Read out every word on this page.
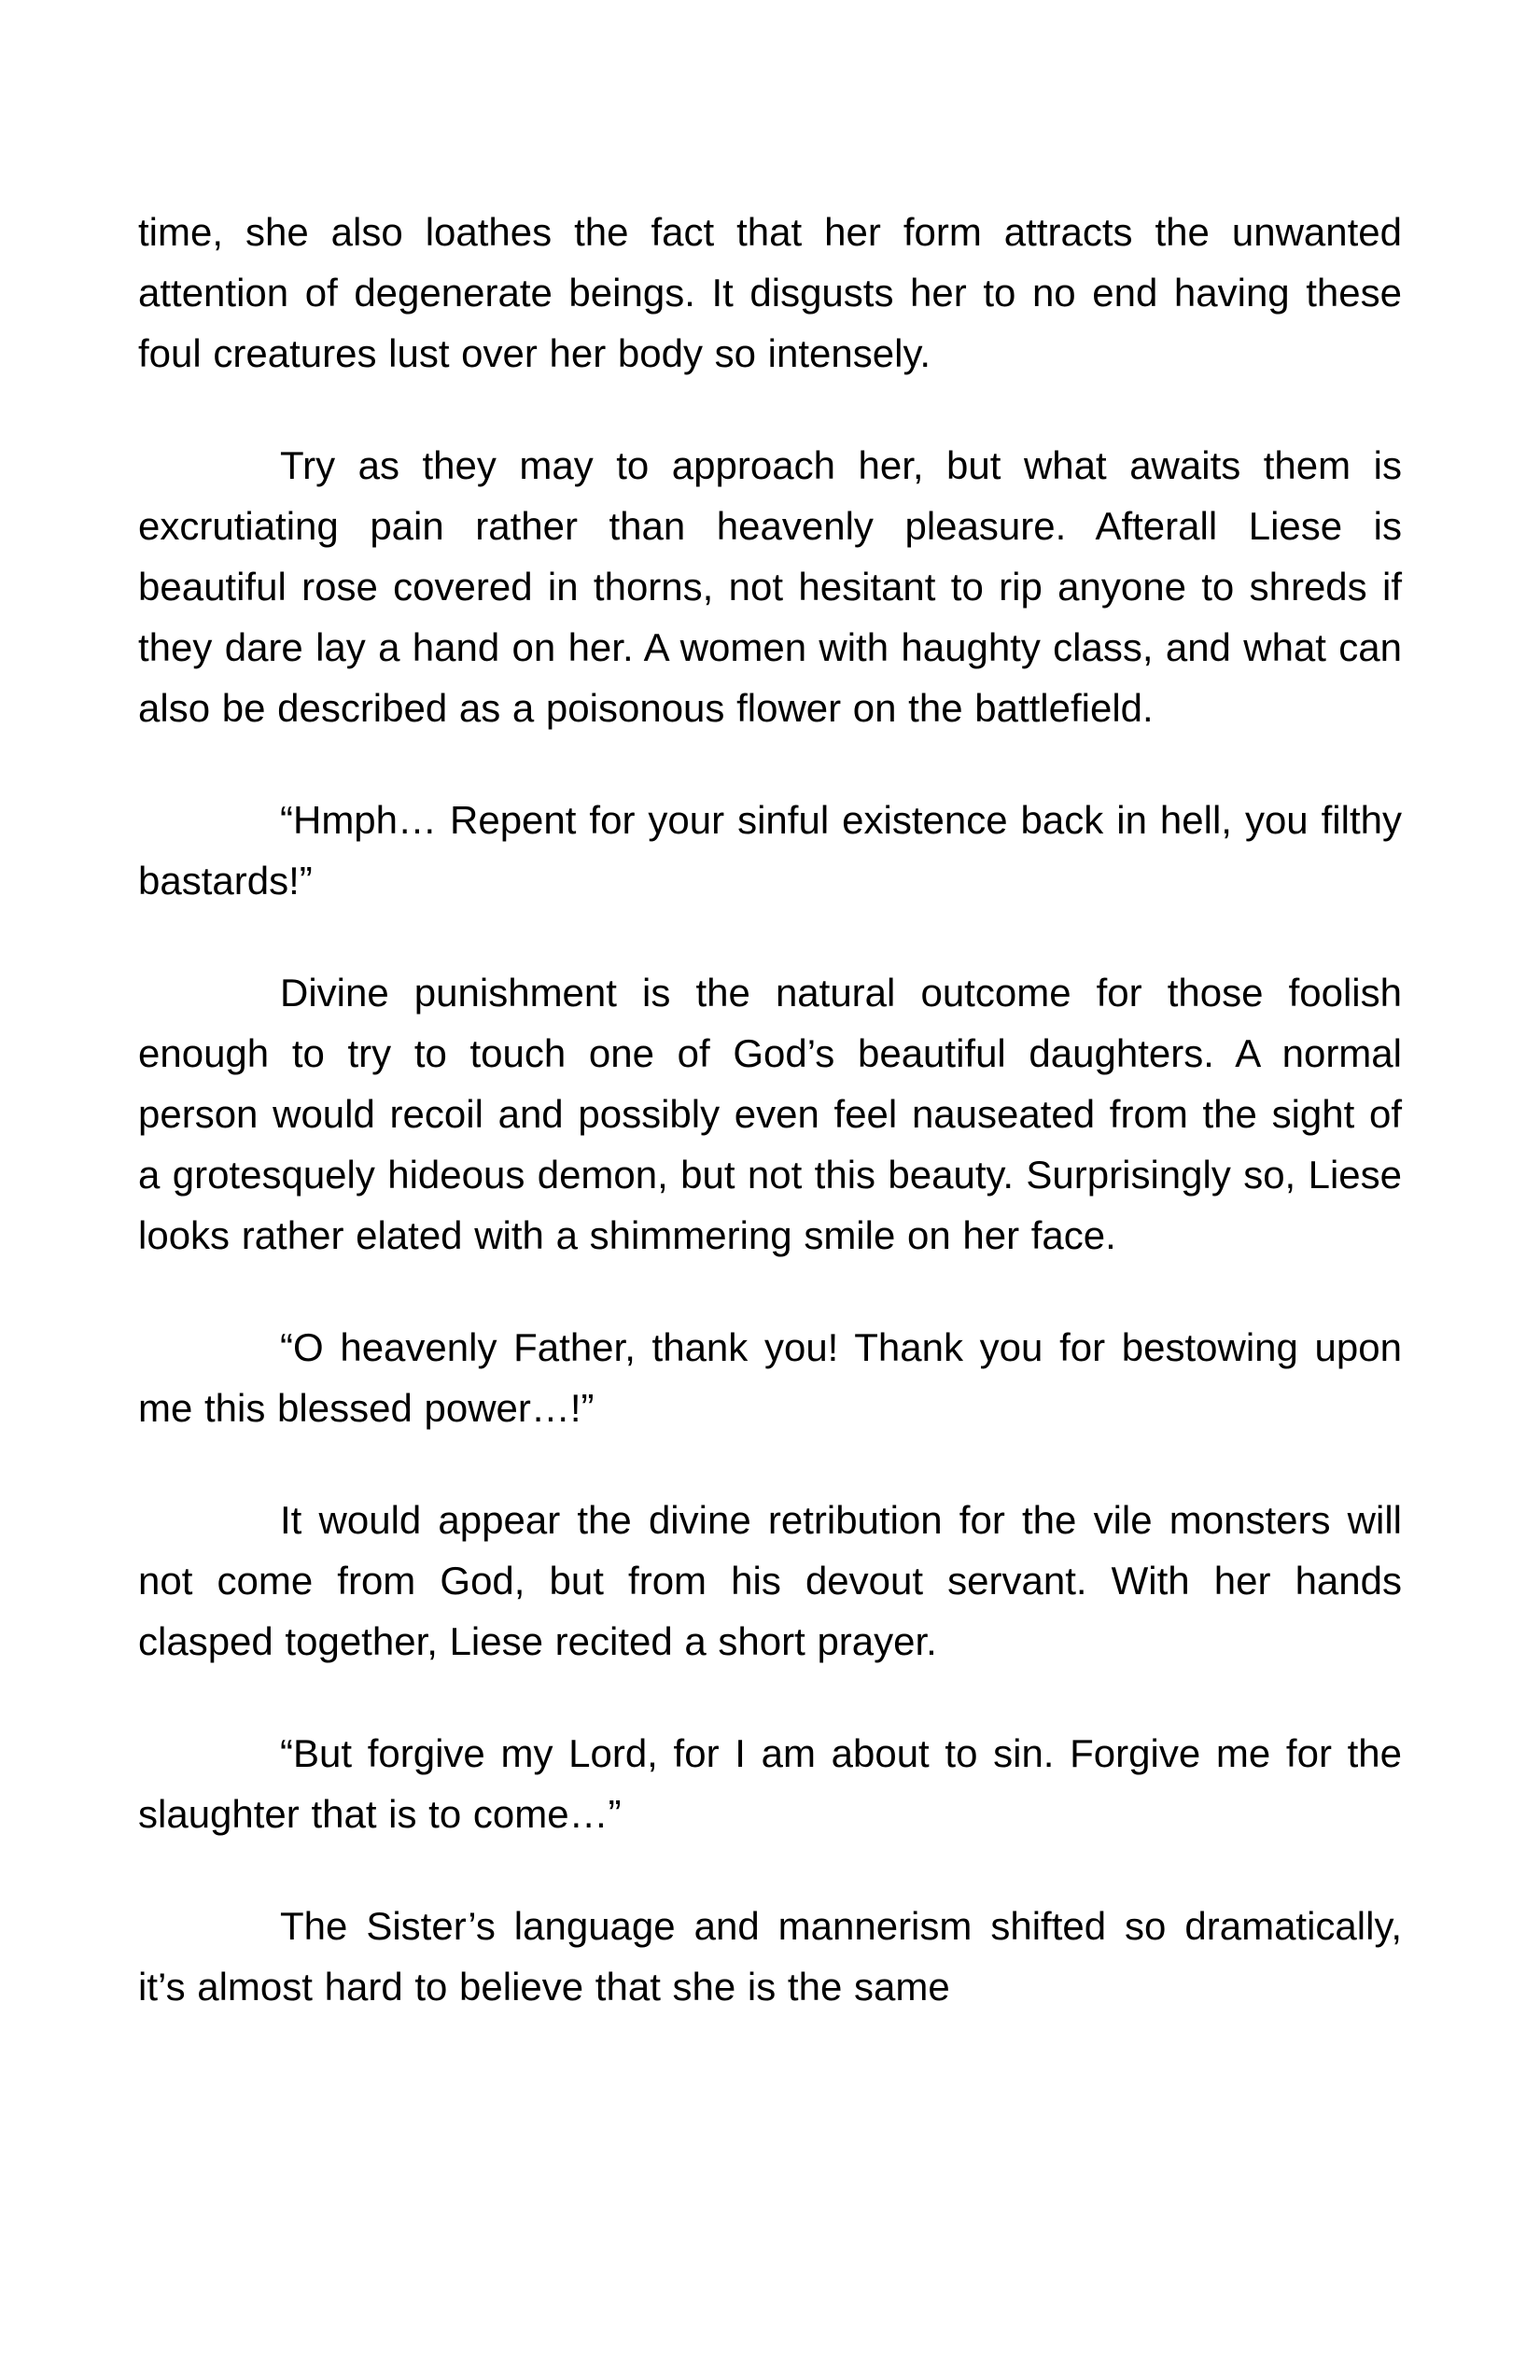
time, she also loathes the fact that her form attracts the unwanted attention of degenerate beings. It disgusts her to no end having these foul creatures lust over her body so intensely.

Try as they may to approach her, but what awaits them is excrutiating pain rather than heavenly pleasure. Afterall Liese is beautiful rose covered in thorns, not hesitant to rip anyone to shreds if they dare lay a hand on her. A women with haughty class, and what can also be described as a poisonous flower on the battlefield.

“Hmph… Repent for your sinful existence back in hell, you filthy bastards!”

Divine punishment is the natural outcome for those foolish enough to try to touch one of God’s beautiful daughters. A normal person would recoil and possibly even feel nauseated from the sight of a grotesquely hideous demon, but not this beauty. Surprisingly so, Liese looks rather elated with a shimmering smile on her face.

“O heavenly Father, thank you! Thank you for bestowing upon me this blessed power…!”

It would appear the divine retribution for the vile monsters will not come from God, but from his devout servant. With her hands clasped together, Liese recited a short prayer.

“But forgive my Lord, for I am about to sin. Forgive me for the slaughter that is to come…”

The Sister’s language and mannerism shifted so dramatically, it’s almost hard to believe that she is the same
